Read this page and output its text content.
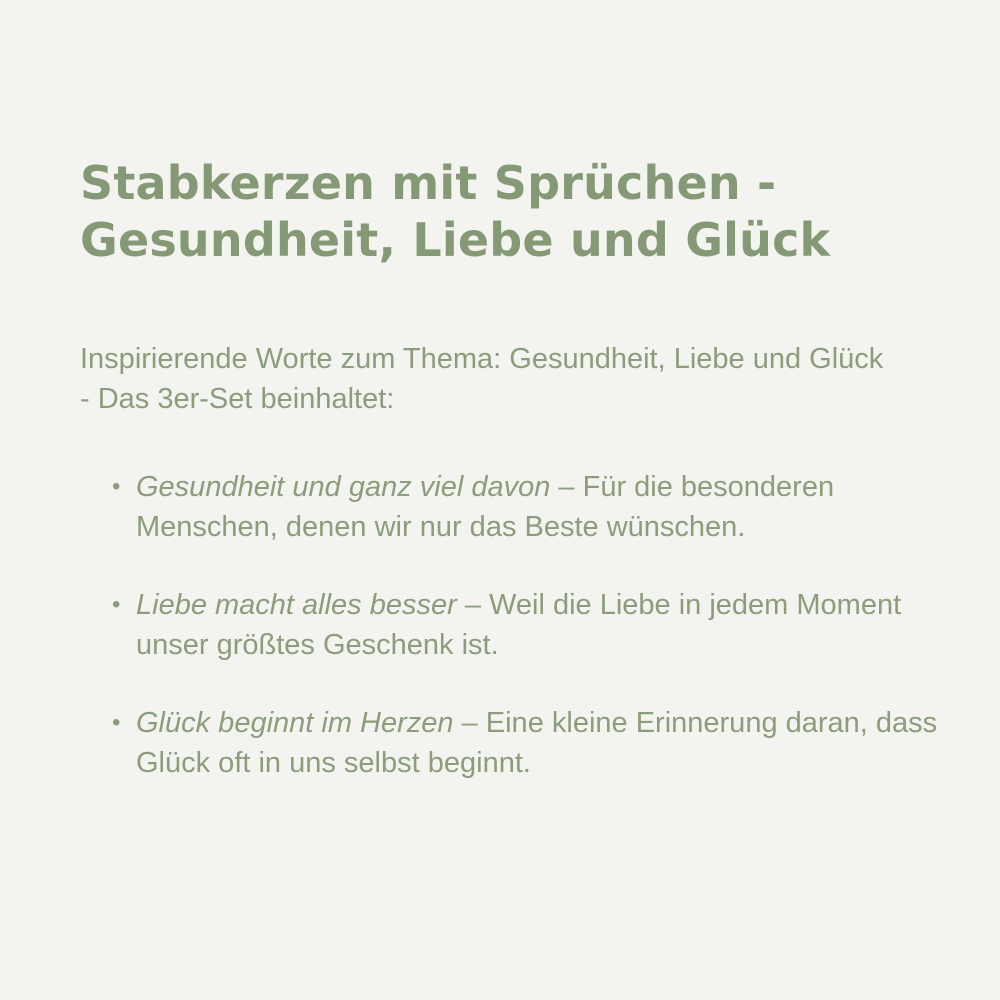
Stabkerzen mit Sprüchen -
Gesundheit, Liebe und Glück

Inspirierende Worte zum Thema: Gesundheit, Liebe und Glück - Das 3er-Set beinhaltet:

• Gesundheit und ganz viel davon – Für die besonderen Menschen, denen wir nur das Beste wünschen.
• Liebe macht alles besser – Weil die Liebe in jedem Moment unser größtes Geschenk ist.
• Glück beginnt im Herzen – Eine kleine Erinnerung daran, dass Glück oft in uns selbst beginnt.
